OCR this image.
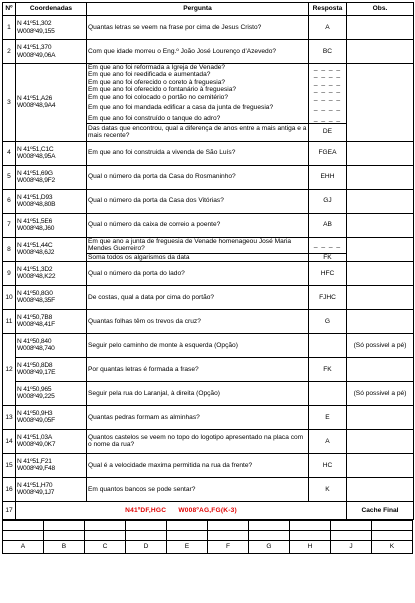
Nº	Coordenadas	Pergunta	Resposta	Obs.
1	N 41º51,302
W008º49,155	Quantas letras se veem na frase por cima de Jesus Cristo?	A	
2	N 41º51,370
W008º49,06A	Com que idade morreu o Eng.º João José Lourenço d'Azevedo?	BC	
3	N 41º51,A26
W008º48,9A4	Em que ano foi reformada a Igreja de Venade?	_ _ _ _	
		Em que ano foi reedificada e aumentada?	_ _ _ _	
		Em que ano foi oferecido o coreto à freguesia?	_ _ _ _	
		Em que ano foi oferecido o fontanário à freguesia?	_ _ _ _	
		Em que ano foi colocado o portão no cemitério?	_ _ _ _	
		Em que ano foi mandada edificar a casa da junta de freguesia?	_ _ _ _	
		Em que ano foi construído o tanque do adro?	_ _ _ _	
		Das datas que encontrou, qual a diferença de anos entre a mais antiga e a mais recente?	DE	
4	N 41º51,C1C
W008º48,95A	Em que ano foi construida a vivenda de São Luís?	FGEA	
5	N 41º51,69G
W008º48,9F2	Qual o número da porta da Casa do Rosmaninho?	EHH	
6	N 41º51,D93
W008º48,80B	Qual o número da porta da Casa dos Vitórias?	GJ	
7	N 41º51,5E6
W008º48,J60	Qual o número da caixa de correio a poente?	AB	
8	N 41º51,44C
W008º48,6J2	Em que ano a junta de freguesia de Venade homenageou José Maria Mendes Guerreiro?	_ _ _ _	
		Soma todos os algarismos da data	FK	
9	N 41º51,3D2
W008º48,K22	Qual o número da porta do lado?	HFC	
10	N 41º50,8G0
W008º48,35F	De costas, qual a data por cima do portão?	FJHC	
11	N 41º50,7B8
W008º48,41F	Quantas folhas têm os trevos da cruz?	G	
12	N 41º50,840
W008º48,740	Seguir pelo caminho de monte à esquerda (Opção)		(Só possivel a pé)

	N 41º50,8D8
W008º49,17E	Por quantas letras é formada a frase?	FK	

	N 41º50,965
W008º49,225	Seguir pela rua do Laranjal, à direita (Opção)		(Só possivel a pé)
13	N 41º50,9H3
W008º49,05F	Quantas pedras formam as alminhas?	E	
14	N 41º51,03A
W008º49,0K7	Quantos castelos se veem no topo do logotipo apresentado na placa com o nome da rua?	A	
15	N 41º51,F21
W008º49,F48	Qual é a velocidade maxima permitida na rua da frente?	HC	
16	N 41º51,H70
W008º49,1J7	Em quantos bancos se pode sentar?	K	
17	N41ºDF,HGC      W008ºAG,FG(K-3)			Cache Final

A	B	C	D	E	F	G	H	J	K
